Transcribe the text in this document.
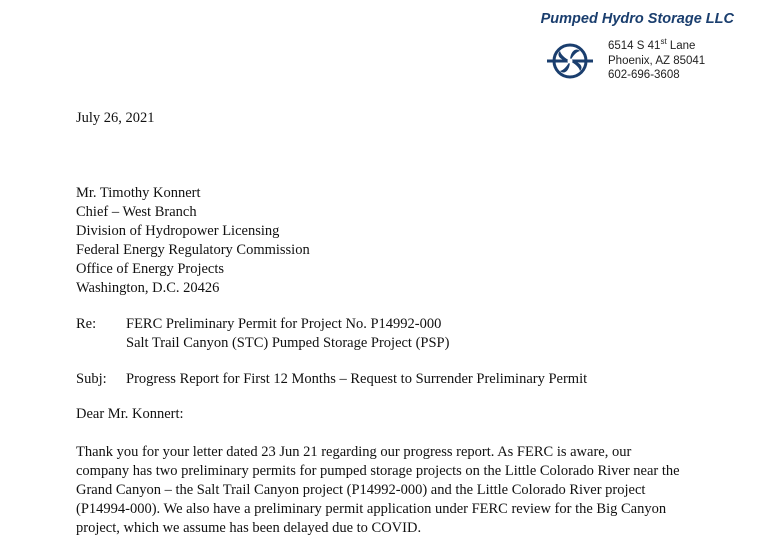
Pumped Hydro Storage LLC
6514 S 41st Lane
Phoenix, AZ 85041
602-696-3608
July 26, 2021
Mr. Timothy Konnert
Chief – West Branch
Division of Hydropower Licensing
Federal Energy Regulatory Commission
Office of Energy Projects
Washington, D.C. 20426
Re: FERC Preliminary Permit for Project No. P14992-000
Salt Trail Canyon (STC) Pumped Storage Project (PSP)
Subj: Progress Report for First 12 Months – Request to Surrender Preliminary Permit
Dear Mr. Konnert:
Thank you for your letter dated 23 Jun 21 regarding our progress report. As FERC is aware, our
company has two preliminary permits for pumped storage projects on the Little Colorado River near the
Grand Canyon – the Salt Trail Canyon project (P14992-000) and the Little Colorado River project
(P14994-000). We also have a preliminary permit application under FERC review for the Big Canyon
project, which we assume has been delayed due to COVID.
